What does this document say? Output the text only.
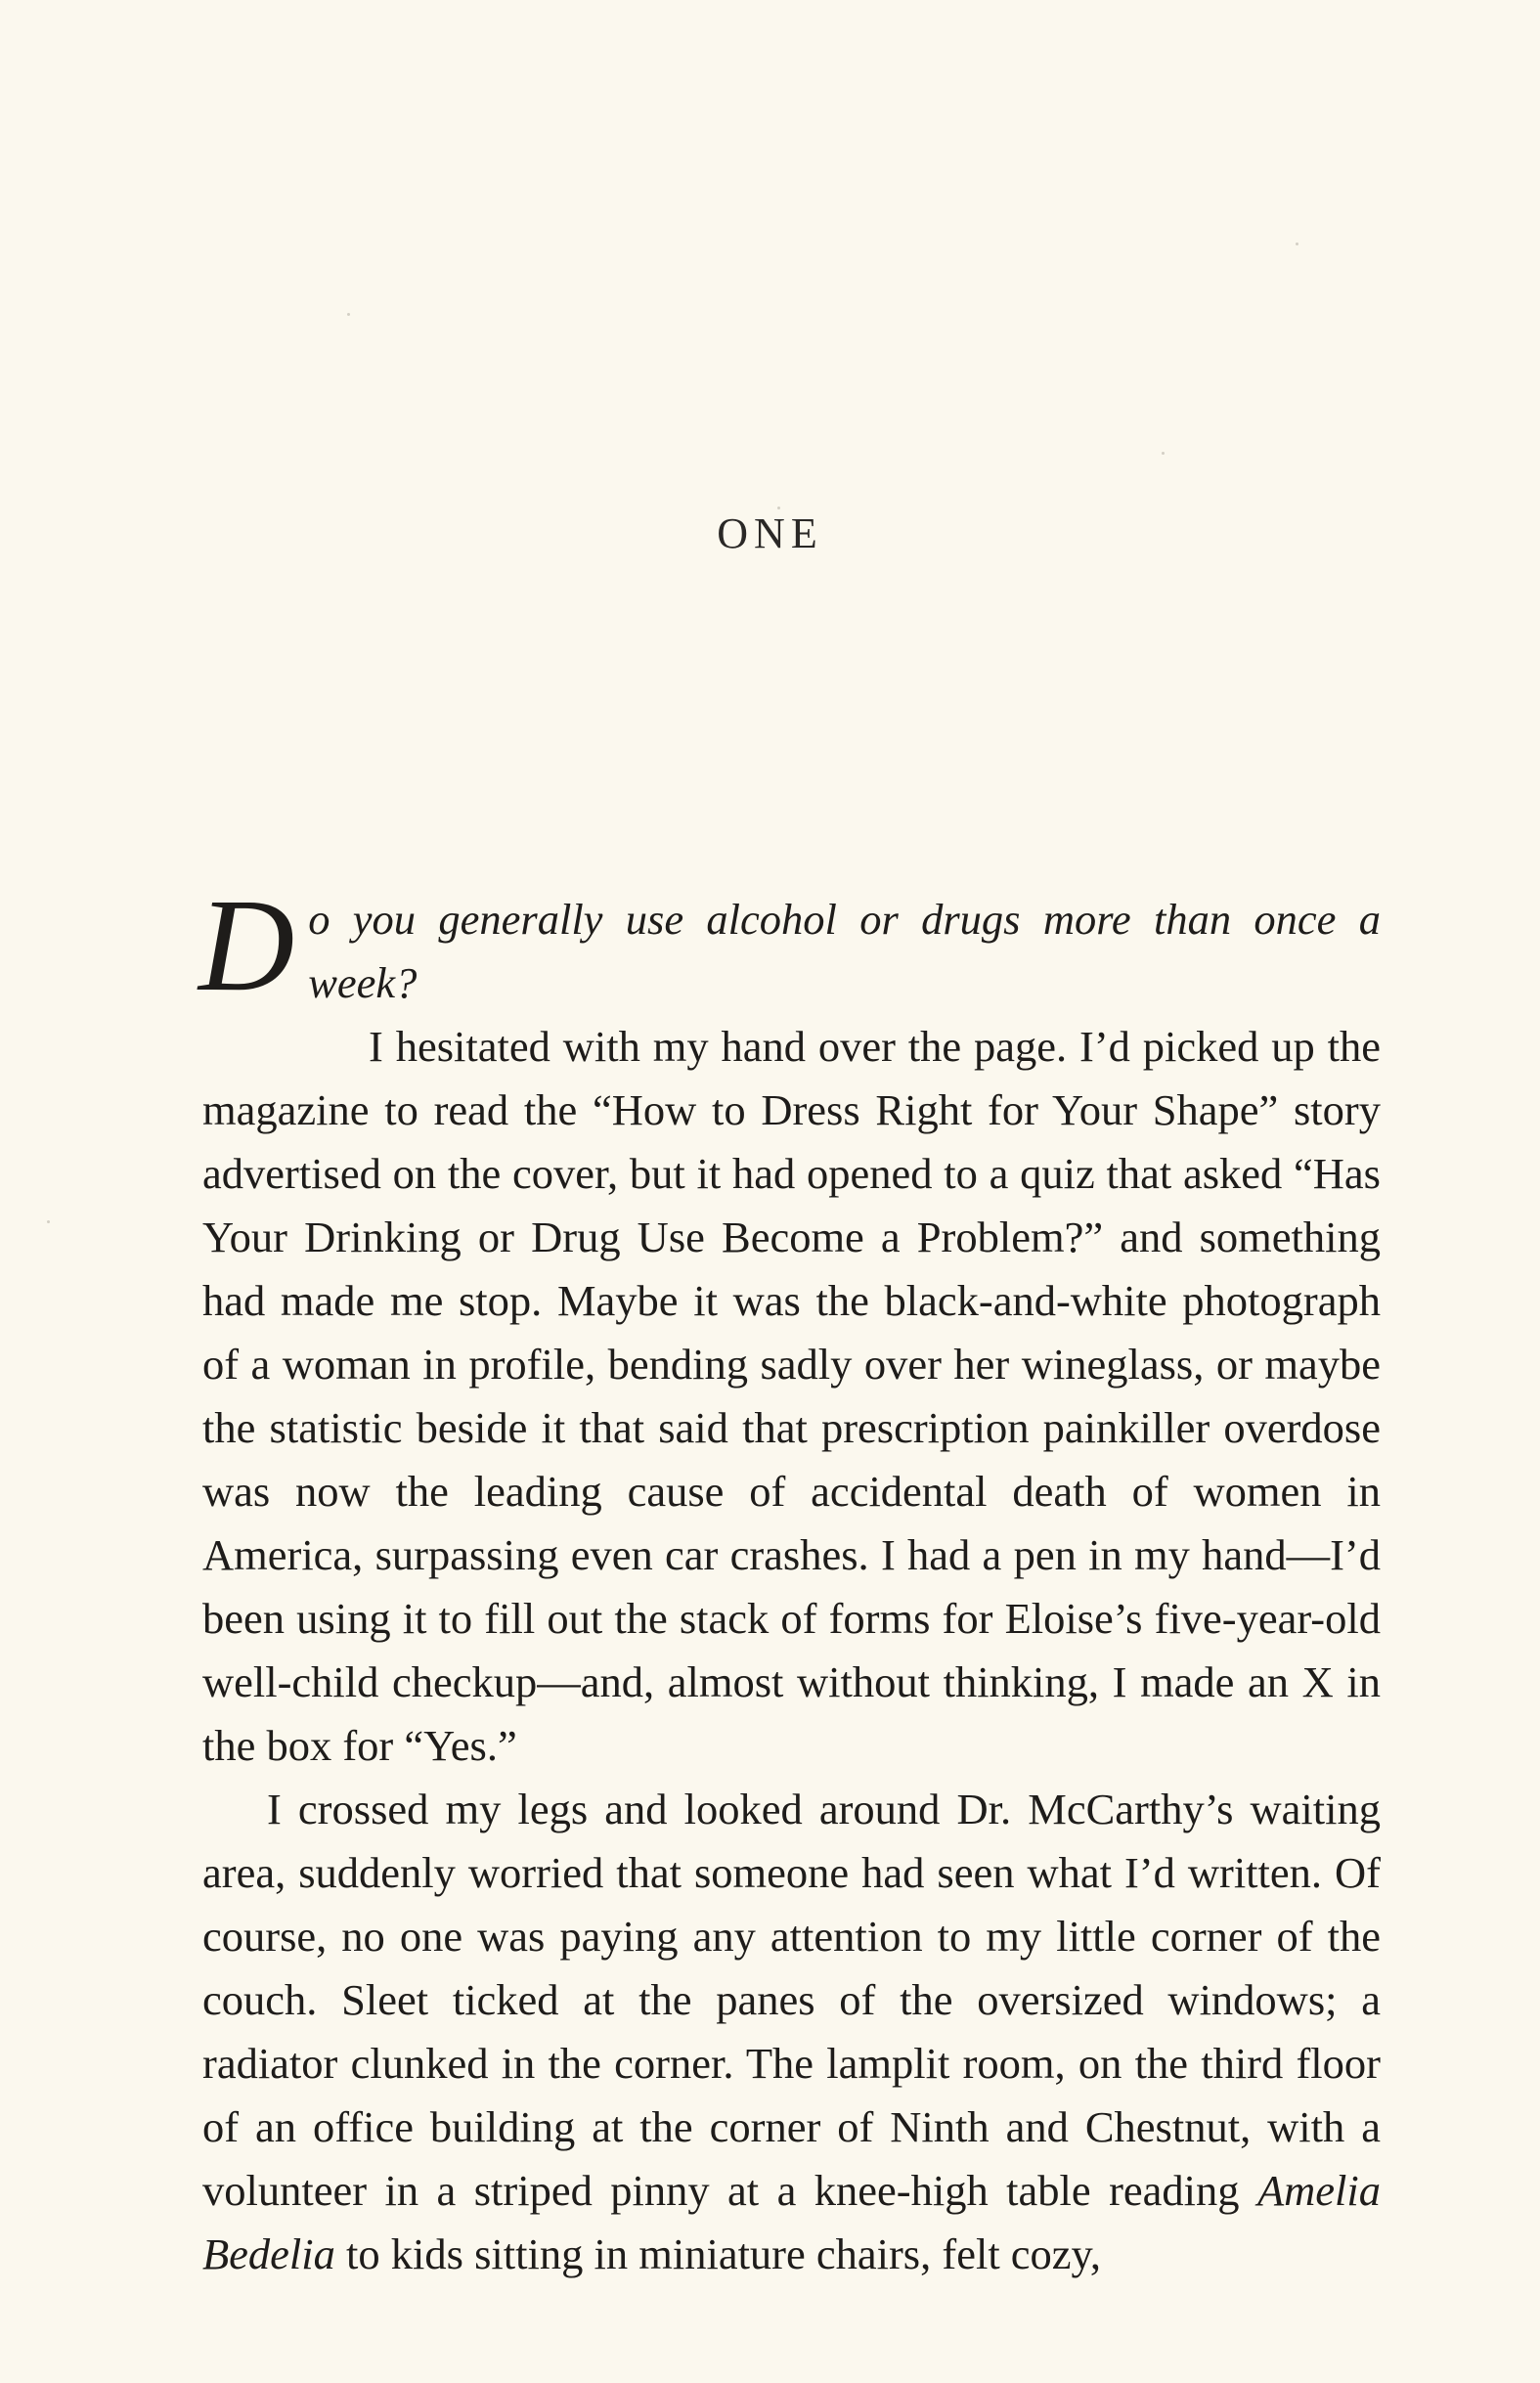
ONE
D o you generally use alcohol or drugs more than once a week?

I hesitated with my hand over the page. I’d picked up the magazine to read the “How to Dress Right for Your Shape” story advertised on the cover, but it had opened to a quiz that asked “Has Your Drinking or Drug Use Become a Problem?” and something had made me stop. Maybe it was the black-and-white photograph of a woman in profile, bending sadly over her wineglass, or maybe the statistic beside it that said that prescription painkiller overdose was now the leading cause of accidental death of women in America, surpassing even car crashes. I had a pen in my hand—I’d been using it to fill out the stack of forms for Eloise’s five-year-old well-child checkup—and, almost without thinking, I made an X in the box for “Yes.”

I crossed my legs and looked around Dr. McCarthy’s waiting area, suddenly worried that someone had seen what I’d written. Of course, no one was paying any attention to my little corner of the couch. Sleet ticked at the panes of the oversized windows; a radiator clunked in the corner. The lamplit room, on the third floor of an office building at the corner of Ninth and Chestnut, with a volunteer in a striped pinny at a knee-high table reading Amelia Bedelia to kids sitting in miniature chairs, felt cozy,
